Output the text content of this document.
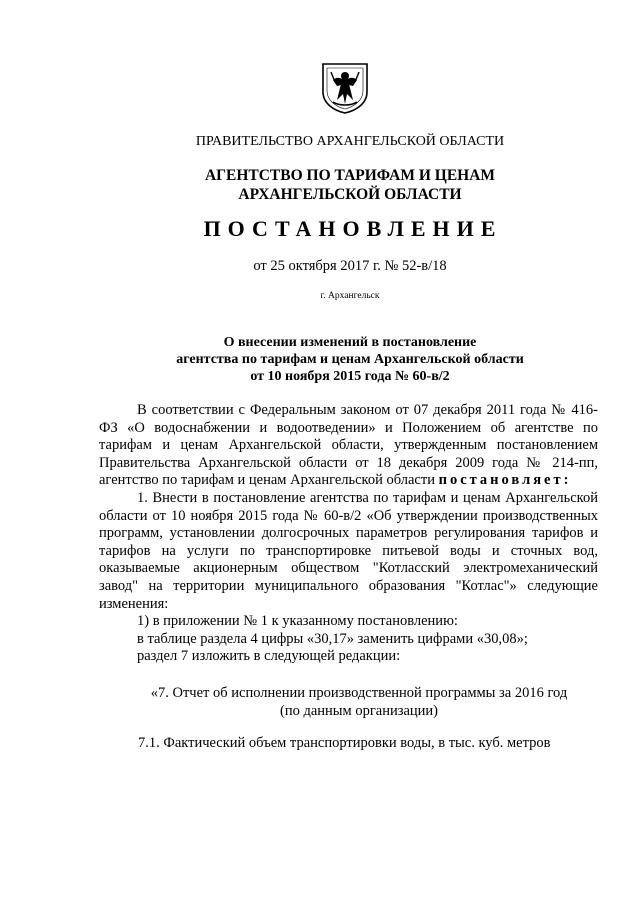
ПРАВИТЕЛЬСТВО АРХАНГЕЛЬСКОЙ ОБЛАСТИ
АГЕНТСТВО ПО ТАРИФАМ И ЦЕНАМ
АРХАНГЕЛЬСКОЙ ОБЛАСТИ
ПОСТАНОВЛЕНИЕ
от 25 октября 2017 г. № 52-в/18
г. Архангельск
О внесении изменений в постановление
агентства по тарифам и ценам Архангельской области
от 10 ноября 2015 года № 60-в/2

В соответствии с Федеральным законом от 07 декабря 2011 года № 416-ФЗ «О водоснабжении и водоотведении» и Положением об агентстве по тарифам и ценам Архангельской области, утвержденным постановлением Правительства Архангельской области от 18 декабря 2009 года № 214-пп, агентство по тарифам и ценам Архангельской области постановляет:

1. Внести в постановление агентства по тарифам и ценам Архангельской области от 10 ноября 2015 года № 60-в/2 «Об утверждении производственных программ, установлении долгосрочных параметров регулирования тарифов и тарифов на услуги по транспортировке питьевой воды и сточных вод, оказываемые акционерным обществом "Котласский электромеханический завод" на территории муниципального образования "Котлас"» следующие изменения:

1) в приложении № 1 к указанному постановлению:

в таблице раздела 4 цифры «30,17» заменить цифрами «30,08»;

раздел 7 изложить в следующей редакции:

«7. Отчет об исполнении производственной программы за 2016 год
(по данным организации)
7.1. Фактический объем транспортировки воды, в тыс. куб. метров
